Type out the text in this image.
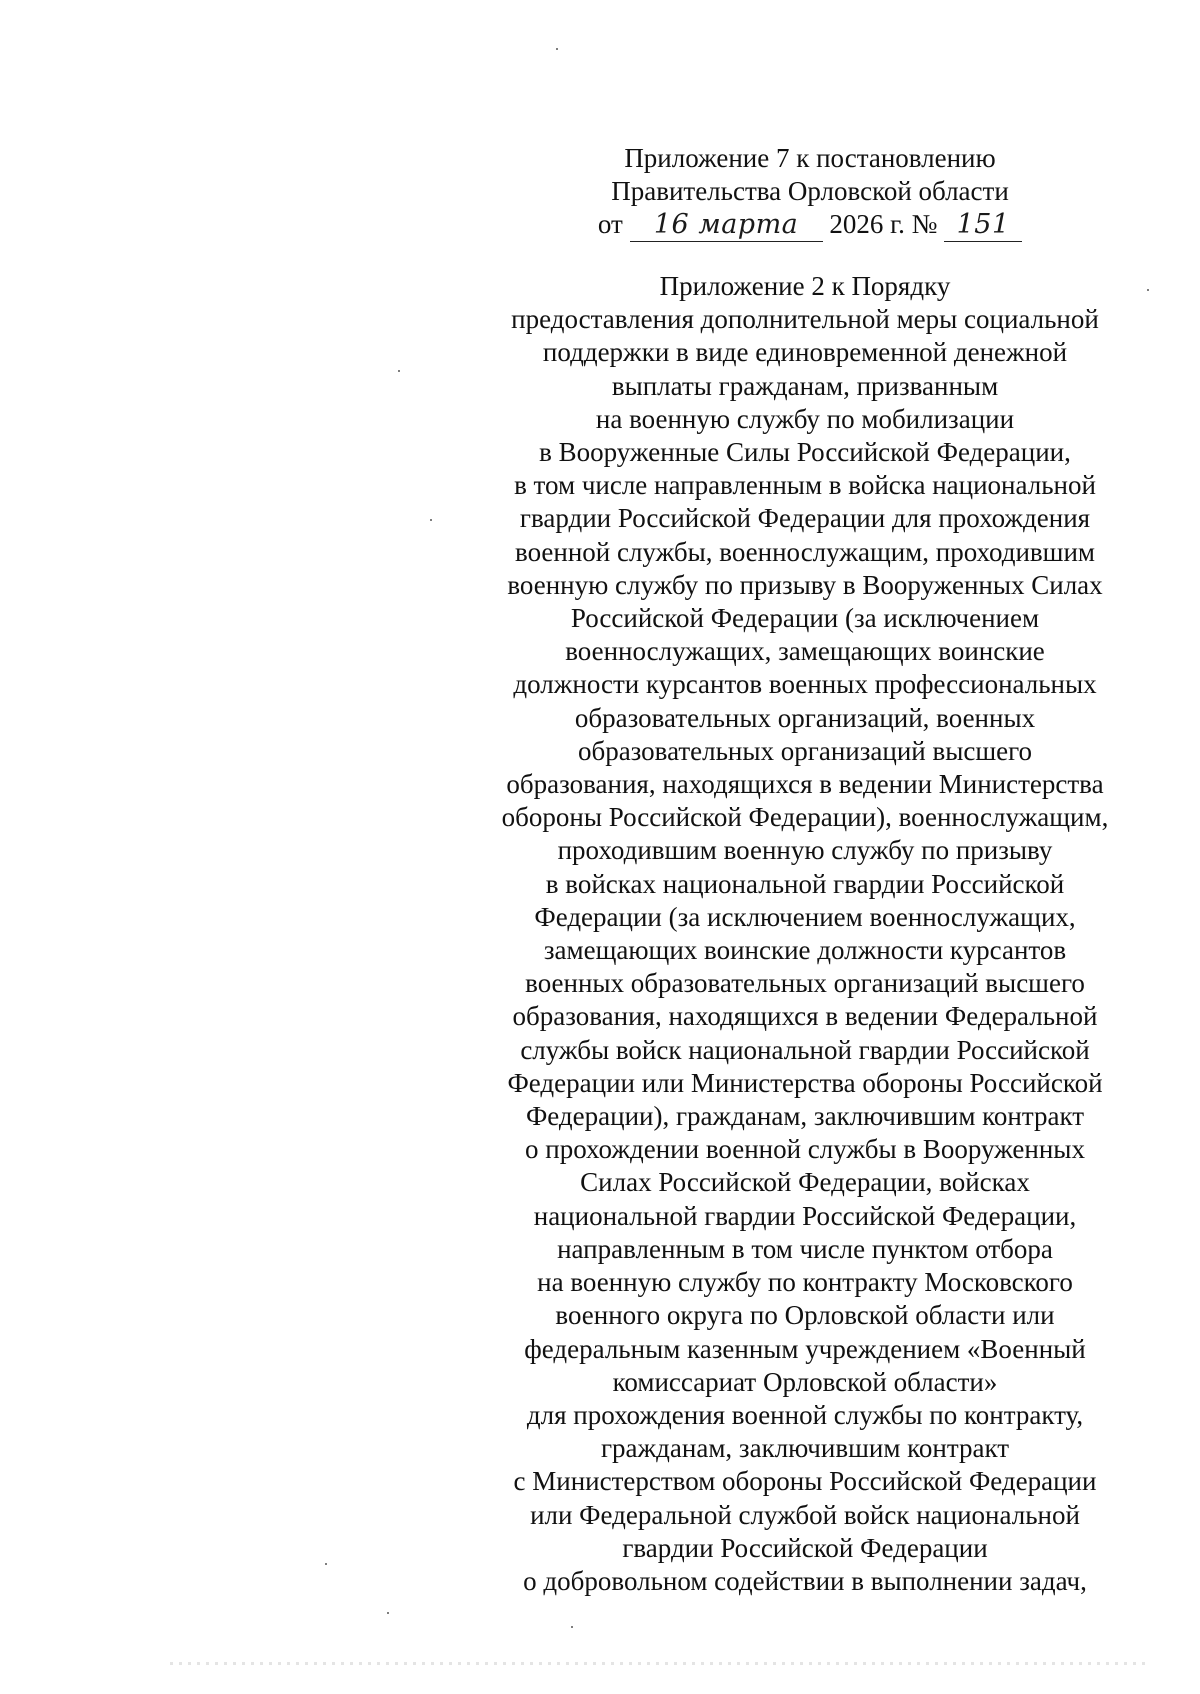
Приложение 7 к постановлению
Правительства Орловской области
от 16 марта 2026 г. № 151
Приложение 2 к Порядку
предоставления дополнительной меры социальной
поддержки в виде единовременной денежной
выплаты гражданам, призванным
на военную службу по мобилизации
в Вооруженные Силы Российской Федерации,
в том числе направленным в войска национальной
гвардии Российской Федерации для прохождения
военной службы, военнослужащим, проходившим
военную службу по призыву в Вооруженных Силах
Российской Федерации (за исключением
военнослужащих, замещающих воинские
должности курсантов военных профессиональных
образовательных организаций, военных
образовательных организаций высшего
образования, находящихся в ведении Министерства
обороны Российской Федерации), военнослужащим,
проходившим военную службу по призыву
в войсках национальной гвардии Российской
Федерации (за исключением военнослужащих,
замещающих воинские должности курсантов
военных образовательных организаций высшего
образования, находящихся в ведении Федеральной
службы войск национальной гвардии Российской
Федерации или Министерства обороны Российской
Федерации), гражданам, заключившим контракт
о прохождении военной службы в Вооруженных
Силах Российской Федерации, войсках
национальной гвардии Российской Федерации,
направленным в том числе пунктом отбора
на военную службу по контракту Московского
военного округа по Орловской области или
федеральным казенным учреждением «Военный
комиссариат Орловской области»
для прохождения военной службы по контракту,
гражданам, заключившим контракт
с Министерством обороны Российской Федерации
или Федеральной службой войск национальной
гвардии Российской Федерации
о добровольном содействии в выполнении задач,
